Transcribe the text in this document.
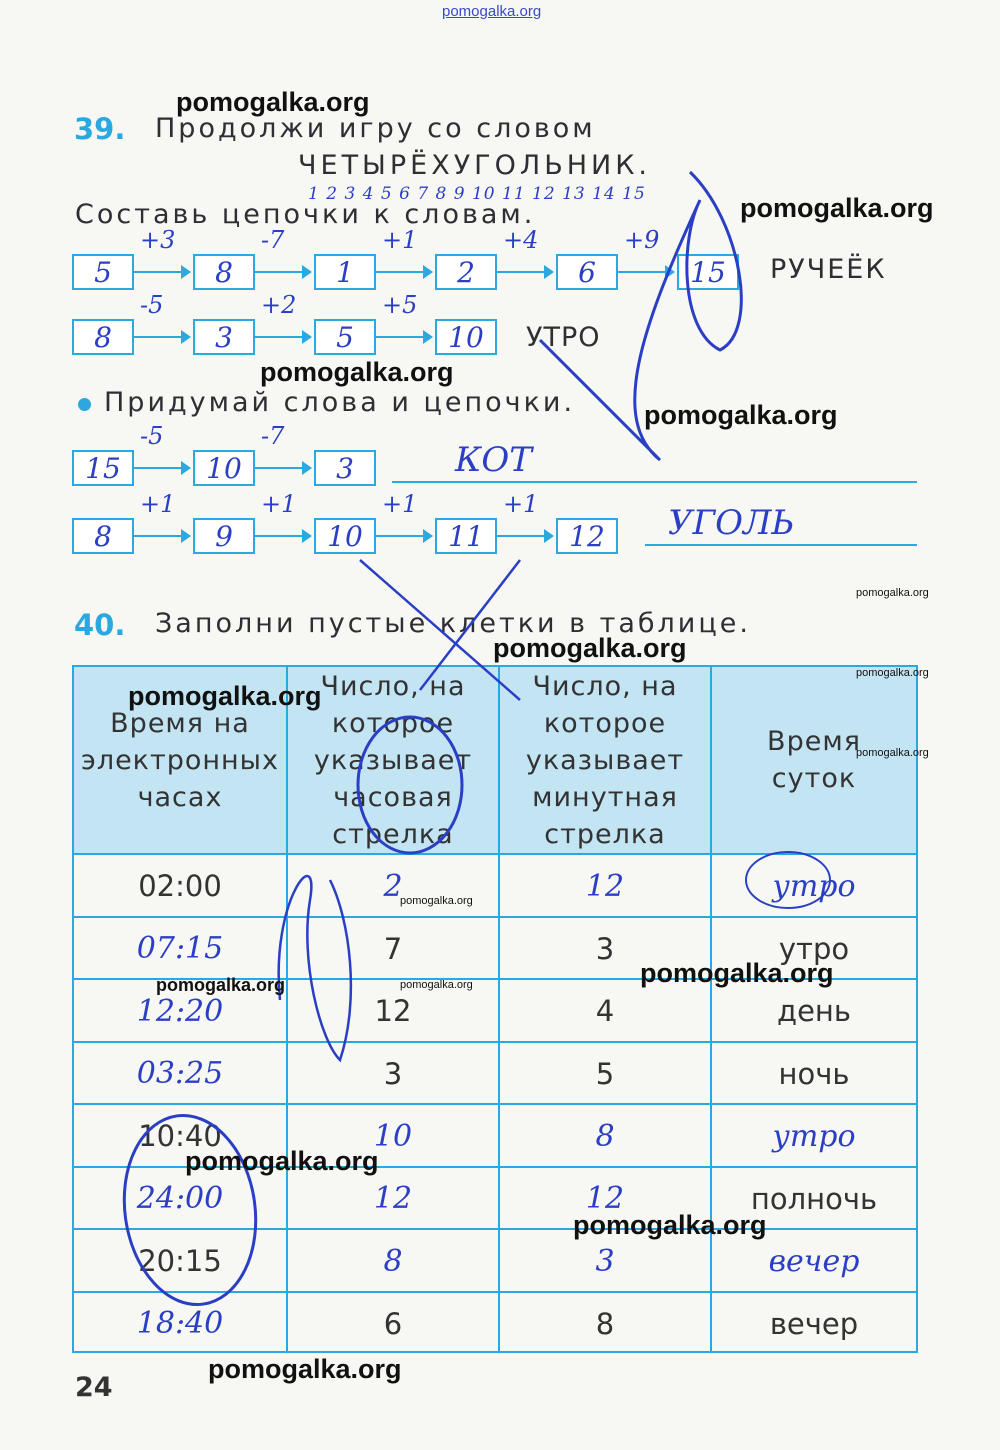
pomogalka.org
39. Продолжи игру со словом
ЧЕТЫРЁХУГОЛЬНИК.
1 2 3 4 5 6 7 8 9 10 11 12 13 14 15
Составь цепочки к словам.
5
+3
8
-7
1
+1
2
+4
6
+9
15 РУЧЕЁК
8
-5
3
+2
5
+5
10 УТРО
Придумай слова и цепочки.
15
-5
10
-7
3	КОТ
8
+1
9
+1
10
+1
11
+1
12 УГОЛЬ
40. Заполни пустые клетки в таблице.
Время на электронных часах
Число, на которое указывает часовая стрелка
Число, на которое указывает минутная стрелка
Время суток
02:00	2	12	утро
07:15	7	3	утро
12:20	12	4	день
03:25	3	5	ночь
10:40	10	8	утро
24:00	12	12	полночь
20:15	8	3	вечер
18:40	6	8	вечер
24
pomogalka.org
pomogalka.org
pomogalka.org
pomogalka.org
pomogalka.org
pomogalka.org
pomogalka.org
pomogalka.org
pomogalka.org
pomogalka.org
pomogalka.org
pomogalka.org	pomogalka.org
pomogalka.org
pomogalka.org
pomogalka.org
